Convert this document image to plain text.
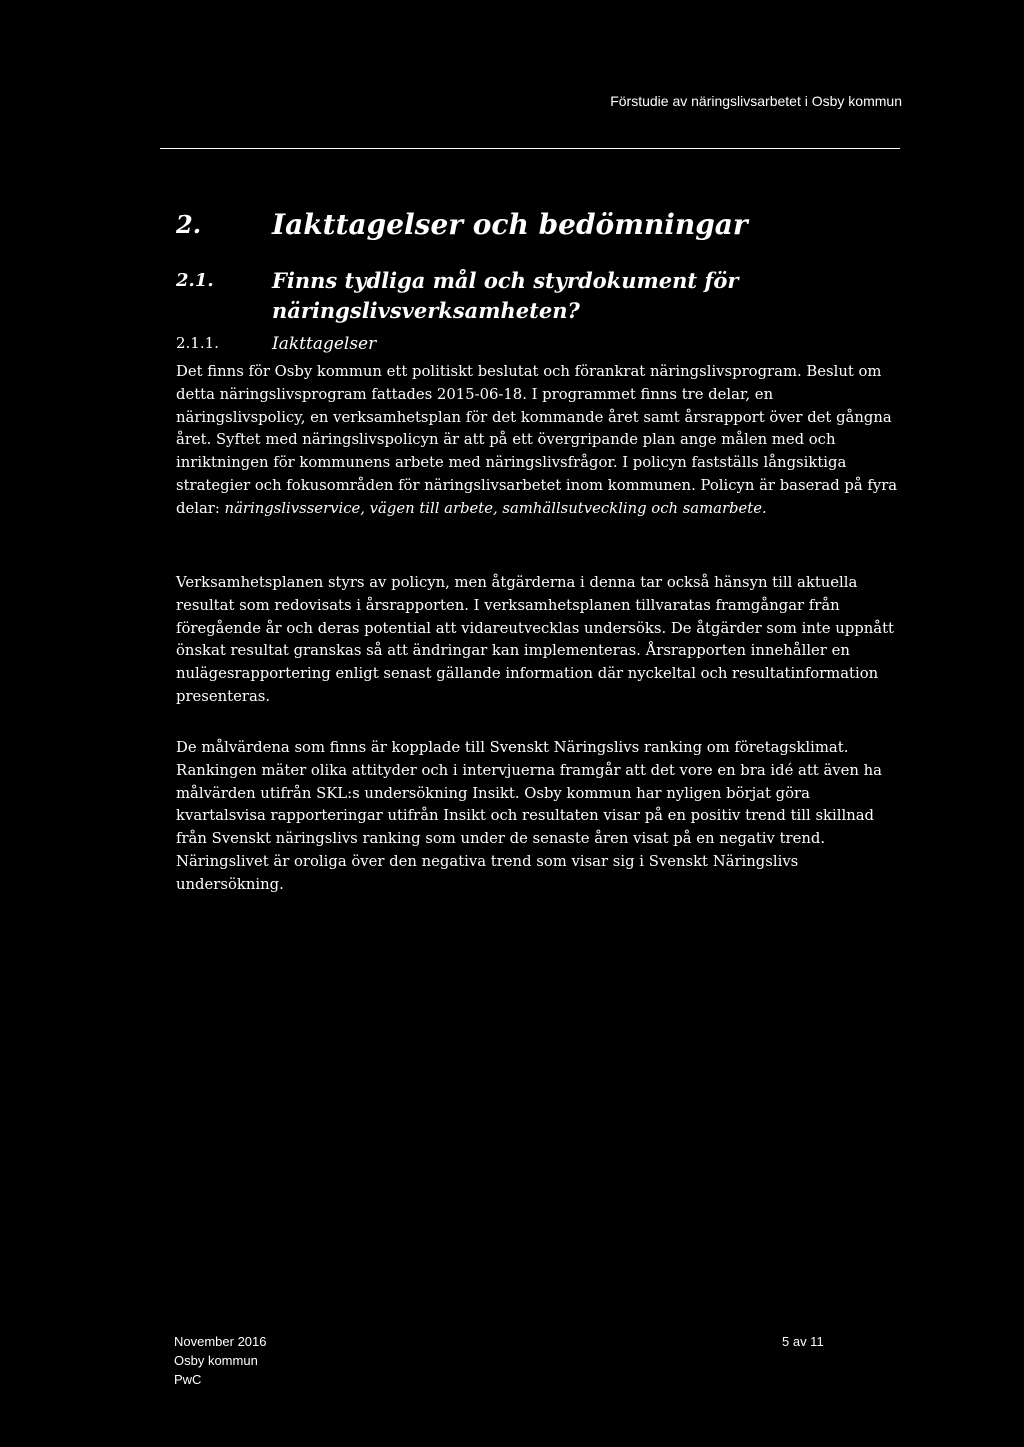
Förstudie av näringslivsarbetet i Osby kommun
2.	Iakttagelser och bedömningar
2.1.	Finns tydliga mål och styrdokument för näringslivsverksamheten?
2.1.1.	Iakttagelser

Det finns för Osby kommun ett politiskt beslutat och förankrat näringslivsprogram. Beslut om detta näringslivsprogram fattades 2015-06-18. I programmet finns tre delar, en näringslivspolicy, en verksamhetsplan för det kommande året samt årsrapport över det gångna året. Syftet med näringslivspolicyn är att på ett övergripande plan ange målen med och inriktningen för kommunens arbete med näringslivsfrågor. I policyn fastställs långsiktiga strategier och fokusområden för näringslivsarbetet inom kommunen. Policyn är baserad på fyra delar: näringslivsservice, vägen till arbete, samhällsutveckling och samarbete.

Verksamhetsplanen styrs av policyn, men åtgärderna i denna tar också hänsyn till aktuella resultat som redovisats i årsrapporten. I verksamhetsplanen tillvaratas framgångar från föregående år och deras potential att vidareutvecklas undersöks. De åtgärder som inte uppnått önskat resultat granskas så att ändringar kan implementeras. Årsrapporten innehåller en nulägesrapportering enligt senast gällande information där nyckeltal och resultatinformation presenteras.

De målvärdena som finns är kopplade till Svenskt Näringslivs ranking om företagsklimat. Rankingen mäter olika attityder och i intervjuerna framgår att det vore en bra idé att även ha målvärden utifrån SKL:s undersökning Insikt. Osby kommun har nyligen börjat göra kvartalsvisa rapporteringar utifrån Insikt och resultaten visar på en positiv trend till skillnad från Svenskt näringslivs ranking som under de senaste åren visat på en negativ trend. Näringslivet är oroliga över den negativa trend som visar sig i Svenskt Näringslivs undersökning.

November 2016
Osby kommun
PwC
5 av 11
